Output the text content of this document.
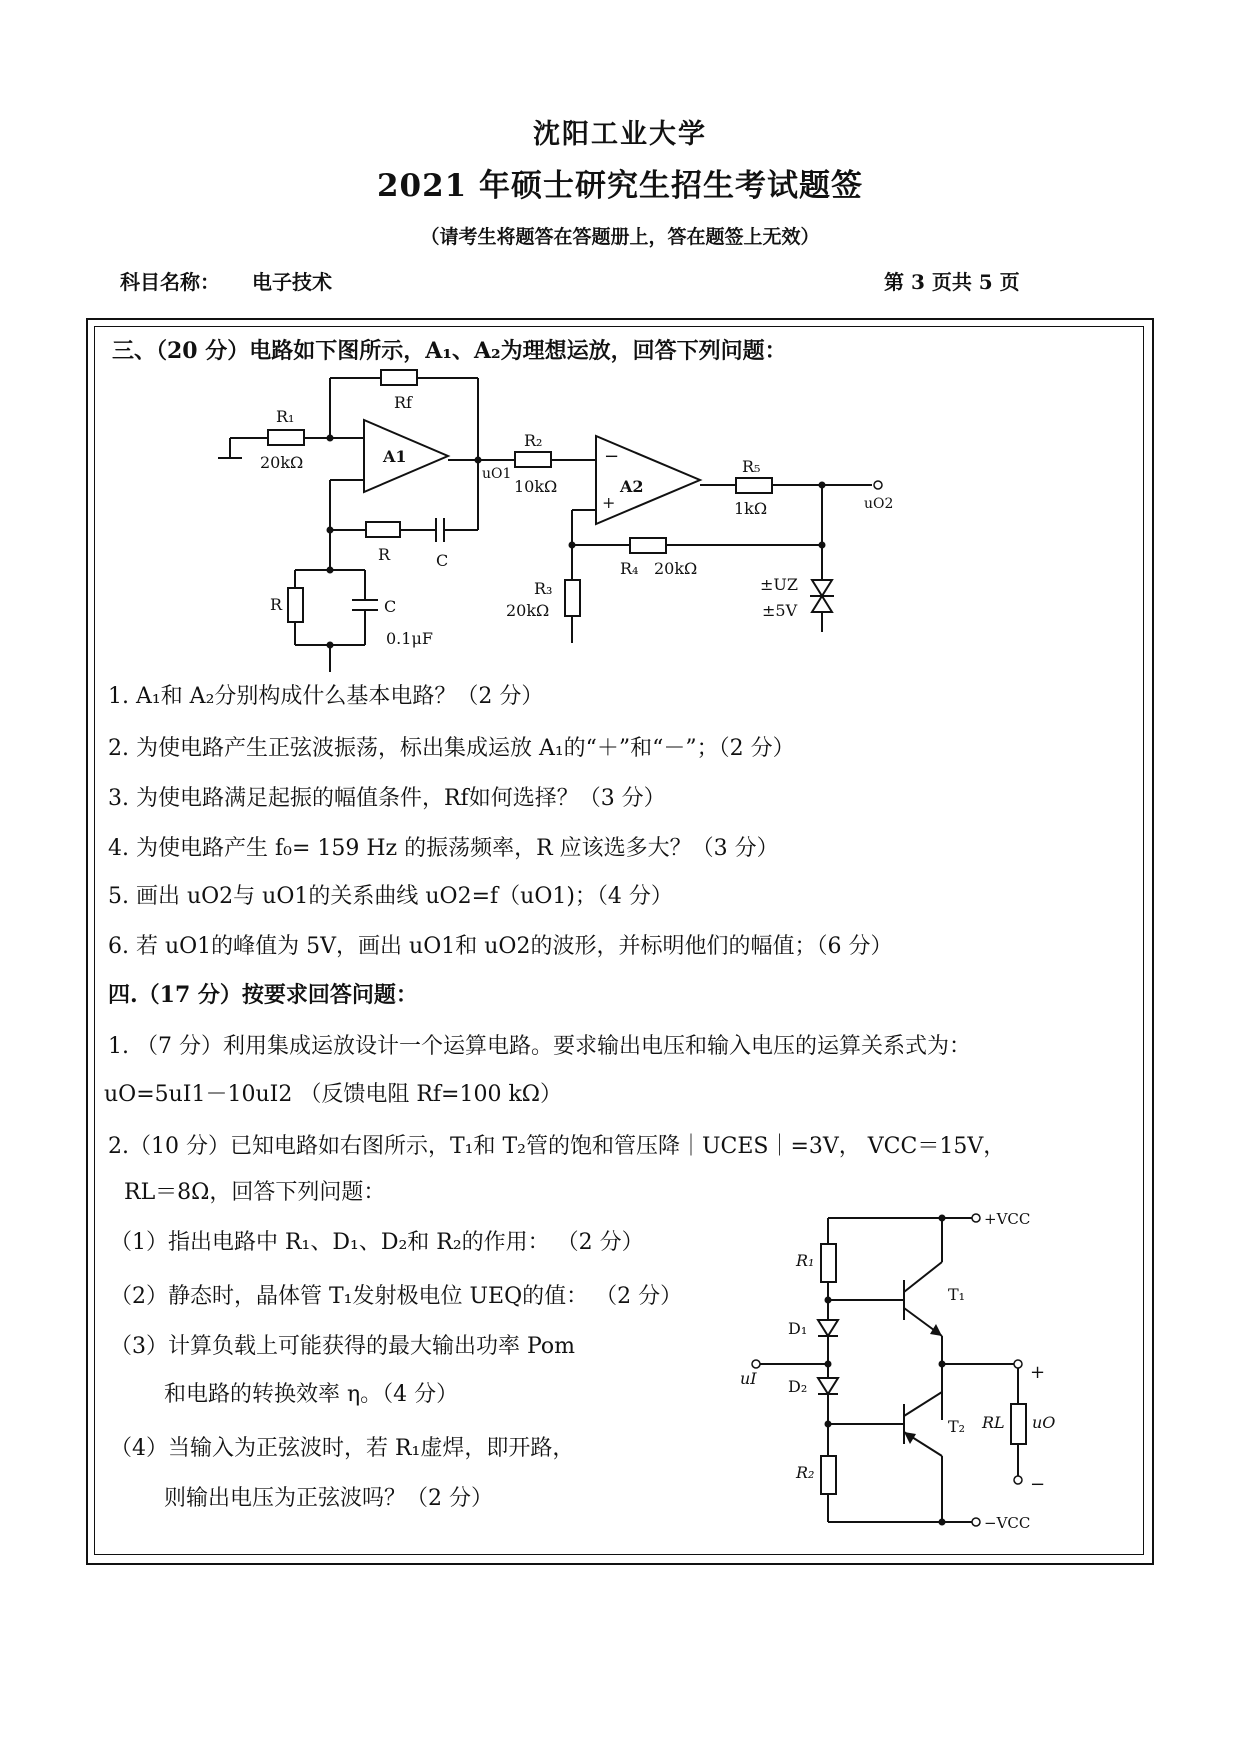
沈阳工业大学
2021 年硕士研究生招生考试题签
（请考生将题答在答题册上，答在题签上无效）
科目名称： 电子技术	第 3 页共 5 页
三、（20 分）电路如下图所示，A₁、A₂为理想运放，回答下列问题：
R₁
20kΩ
Rf
A1
uO1
R₂
10kΩ
−
+
A2
R₅
1kΩ	uO2
R	C
R	C
0.1μF
R₄ 20kΩ
R₃
20kΩ
±UZ
±5V
1. A₁和 A₂分别构成什么基本电路？（2 分）
2. 为使电路产生正弦波振荡，标出集成运放 A₁的“＋”和“－”；（2 分）
3. 为使电路满足起振的幅值条件，Rf如何选择？（3 分）
4. 为使电路产生 f₀= 159 Hz 的振荡频率，R 应该选多大？（3 分）
5. 画出 uO2与 uO1的关系曲线 uO2=f（uO1)；（4 分）
6. 若 uO1的峰值为 5V，画出 uO1和 uO2的波形，并标明他们的幅值；（6 分）
四.（17 分）按要求回答问题：
1. （7 分）利用集成运放设计一个运算电路。要求输出电压和输入电压的运算关系式为：
uO=5uI1－10uI2 （反馈电阻 Rf=100 kΩ）
2.（10 分）已知电路如右图所示，T₁和 T₂管的饱和管压降｜UCES｜=3V， VCC＝15V，
RL＝8Ω，回答下列问题：
（1）指出电路中 R₁、D₁、D₂和 R₂的作用： （2 分）
（2）静态时，晶体管 T₁发射极电位 UEQ的值： （2 分）
（3）计算负载上可能获得的最大输出功率 Pom
和电路的转换效率 η。（4 分）
（4）当输入为正弦波时，若 R₁虚焊，即开路，
则输出电压为正弦波吗？（2 分）
+VCC
−VCC
R₁
R₂
D₁
D₂
T₁
T₂
uI
RL uO
+
−
